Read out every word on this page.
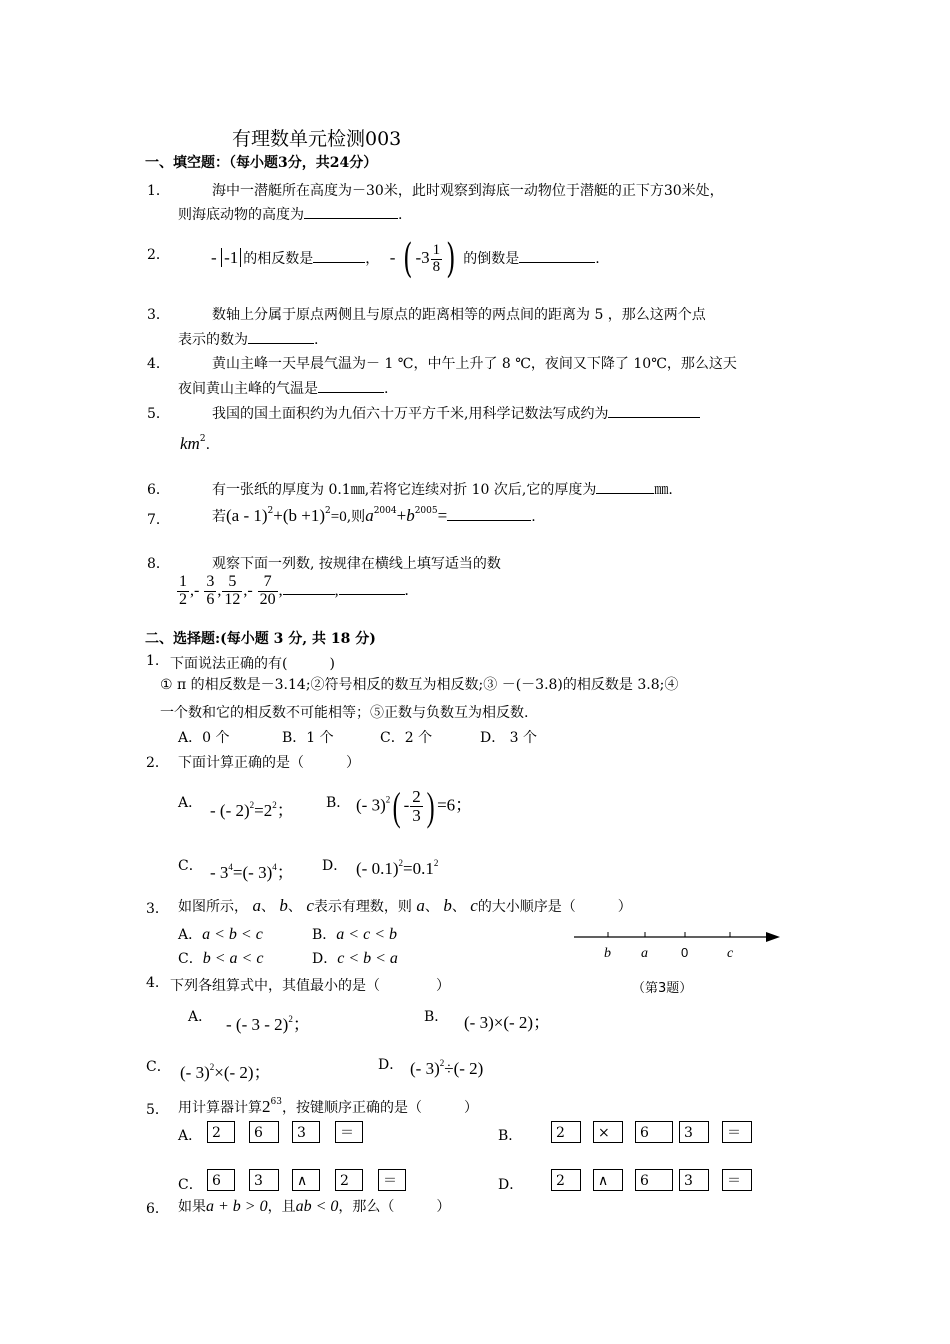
有理数单元检测003
一、填空题：（每小题3分，共24分）
1．	海中一潜艇所在高度为－30米，此时观察到海底一动物位于潜艇的正下方30米处，
则海底动物的高度为	.
2． - -1 的相反数是	， - ( $-3 \frac{1}{8}$ ) 的倒数是	.
3．	数轴上分属于原点两侧且与原点的距离相等的两点间的距离为 5 ，那么这两个点
表示的数为	.
4．	黄山主峰一天早晨气温为－ 1 ℃，中午上升了 8 ℃，夜间又下降了 10℃，那么这天
夜间黄山主峰的气温是	.
5．	我国的国土面积约为九佰六十万平方千米,用科学记数法写成约为
$km^2$.
6．	有一张纸的厚度为 0.1㎜,若将它连续对折 10 次后,它的厚度为	㎜.
7．	若$(a - 1)^2+(b +1)^2=0$,则$a^{2004}+b^{2005}=$	.
8．	观察下面一列数, 按规律在横线上填写适当的数
$\frac{1}{2}$ ,- $\frac{3}{6}$ , $\frac{5}{12}$ ,- $\frac{7}{20}$ ,	,	.
二、选择题:(每小题 3 分, 共 18 分)
1. 下面说法正确的有(　　　)
① π 的相反数是－3.14;②符号相反的数互为相反数;③ －(－3.8)的相反数是 3.8;④
一个数和它的相反数不可能相等；⑤正数与负数互为相反数.
A．0 个	B．1 个	C．2 个	D． 3 个
2． 下面计算正确的是（　　　）
A． - (- $2)^2=2^2$； B． (- $3)^2( - \frac{2}{3}$ ) =6；
C． - $3^4=(-$ 3)$^4$； D． (- $0.1)^2=0.1^2$
3． 如图所示， a、 b、 c表示有理数，则 a、 b、 c的大小顺序是（　　　）
A．a < b < c	B．a < c < b
C．b < a < c	D．c < b < a	b a	0	c
（第3题）
4. 下列各组算式中，其值最小的是（　　　　）
A． - (- 3 - 2)$^2$；	B． (- 3)×(- 2)；
C． (- 3)$^2$×(- 2)；	D． (- 3)$^2$÷(- 2)
5． 用计算器计算$2^{63}$，按键顺序正确的是（　　　）
A． 2	6	3	＝	B．	2	×	6	3	＝
C． 6	3	∧	2	＝	D．	2	∧	6	3	＝
6． 如果a + b > 0，且ab < 0，那么（　　　）
